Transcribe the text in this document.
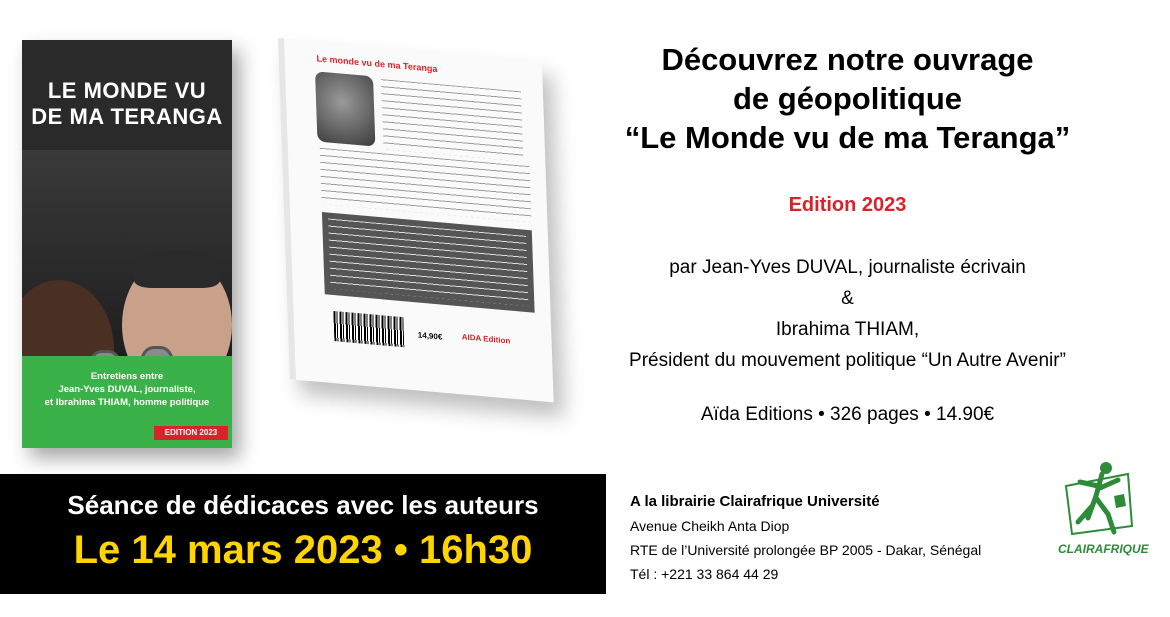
LE MONDE VU
DE MA TERANGA
Entretiens entre
Jean-Yves DUVAL, journaliste,
et Ibrahima THIAM, homme politique
EDITION 2023
Le monde vu de ma Teranga
14,90€ AIDA Edition
Découvrez notre ouvrage
de géopolitique
“Le Monde vu de ma Teranga”
Edition 2023
par Jean-Yves DUVAL, journaliste écrivain
&
Ibrahima THIAM,
Président du mouvement politique “Un Autre Avenir”
Aïda Editions • 326 pages • 14.90€
Séance de dédicaces avec les auteurs
Le 14 mars 2023 • 16h30
A la librairie Clairafrique Université
Avenue Cheikh Anta Diop
RTE de l’Université prolongée BP 2005 - Dakar, Sénégal
Tél : +221 33 864 44 29
CLAIRAFRIQUE
